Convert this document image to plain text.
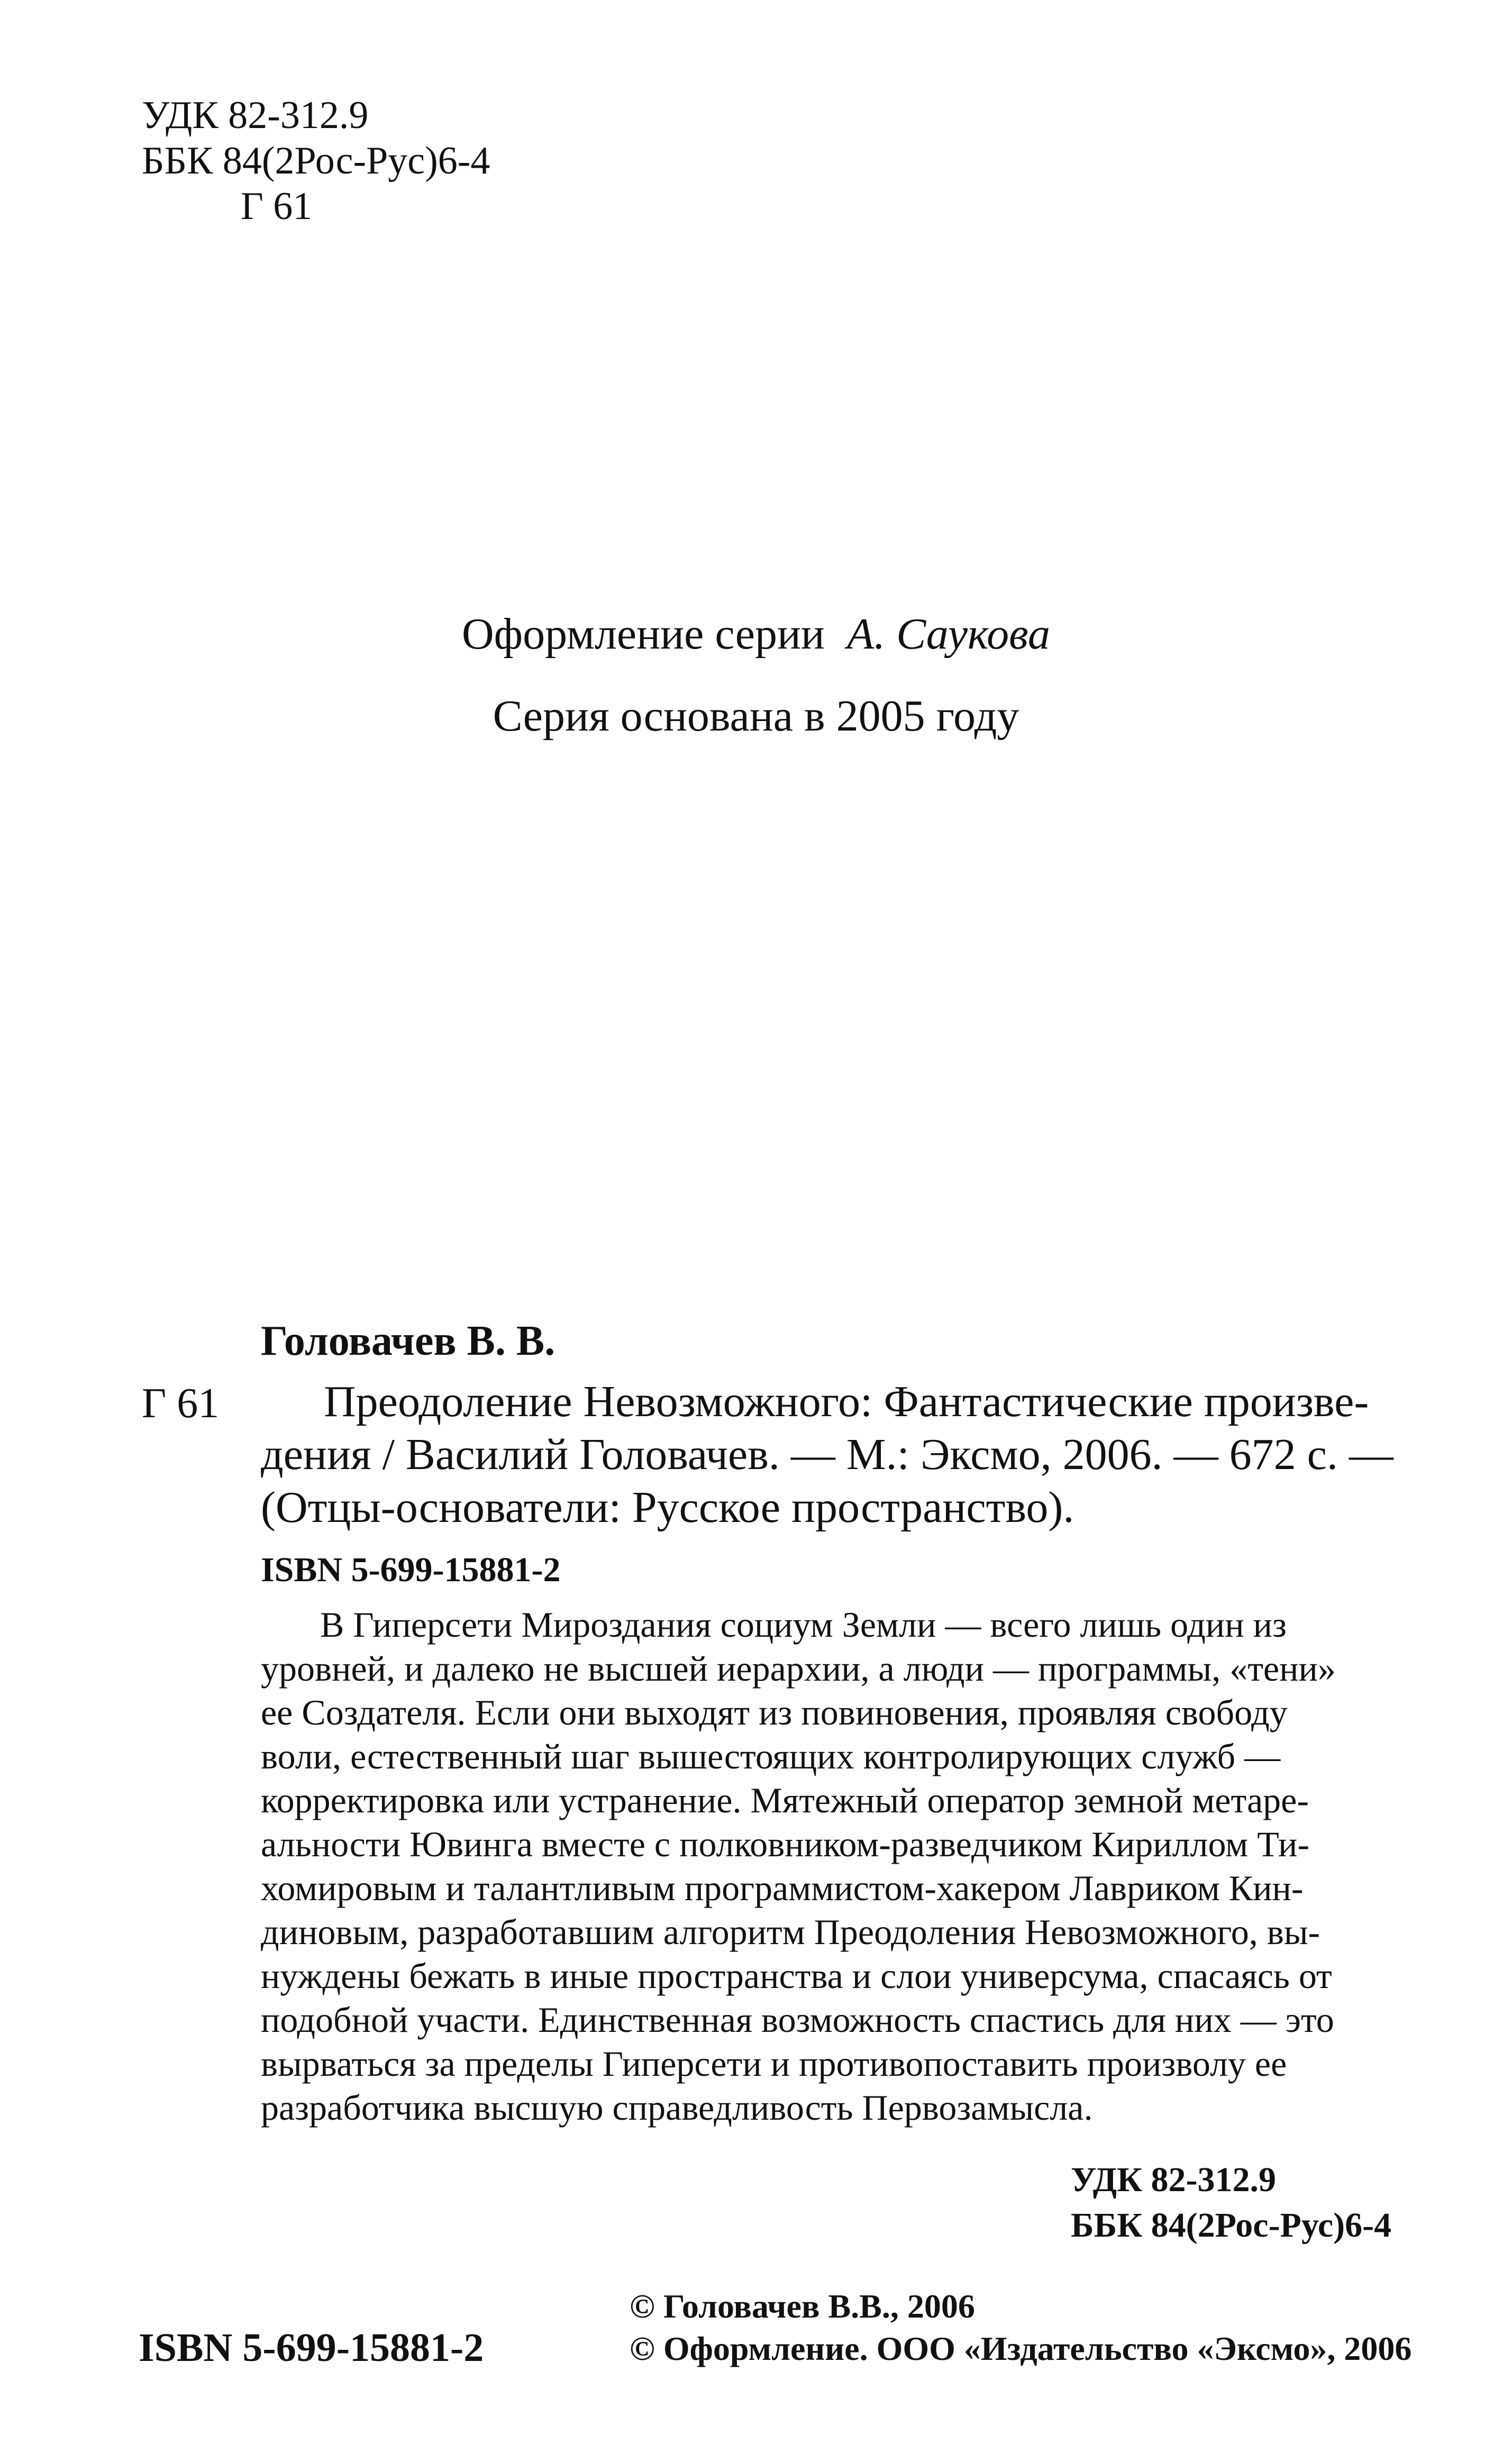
УДК 82-312.9
ББК 84(2Рос-Рус)6-4
Г 61
Оформление серии А. Саукова
Серия основана в 2005 году
Головачев В. В.
Г 61 Преодоление Невозможного: Фантастические произве-
дения / Василий Головачев. — М.: Эксмо, 2006. — 672 с. —
(Отцы-основатели: Русское пространство).
ISBN 5-699-15881-2
В Гиперсети Мироздания социум Земли — всего лишь один из
уровней, и далеко не высшей иерархии, а люди — программы, «тени»
ее Создателя. Если они выходят из повиновения, проявляя свободу
воли, естественный шаг вышестоящих контролирующих служб —
корректировка или устранение. Мятежный оператор земной метаре-
альности Ювинга вместе с полковником-разведчиком Кириллом Ти-
хомировым и талантливым программистом-хакером Лавриком Кин-
диновым, разработавшим алгоритм Преодоления Невозможного, вы-
нуждены бежать в иные пространства и слои универсума, спасаясь от
подобной участи. Единственная возможность спастись для них — это
вырваться за пределы Гиперсети и противопоставить произволу ее
разработчика высшую справедливость Первозамысла.
УДК 82-312.9
ББК 84(2Рос-Рус)6-4
ISBN 5-699-15881-2
© Головачев В.В., 2006
© Оформление. ООО «Издательство «Эксмо», 2006
